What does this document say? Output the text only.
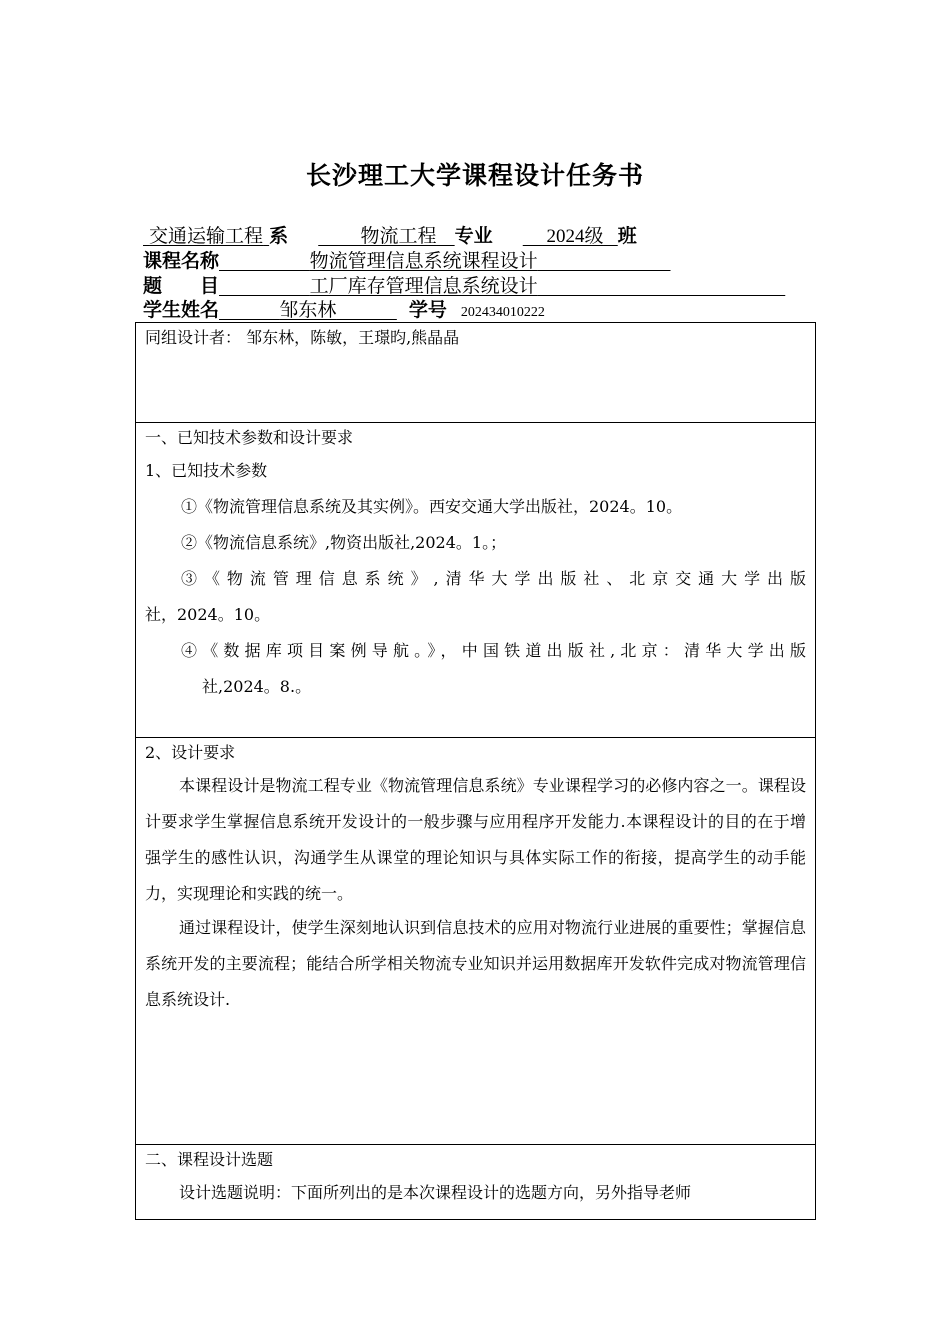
长沙理工大学课程设计任务书
交通运输工程 系	物流工程 专业	2024级 班
课程名称	物流管理信息系统课程设计
题　　目	工厂库存管理信息系统设计
学生姓名	邹东林	学号 202434010222

同组设计者： 邹东林，陈敏，王璟昀,熊晶晶

一、已知技术参数和设计要求

1、已知技术参数

①《物流管理信息系统及其实例》。西安交通大学出版社，2024。10。

②《物流信息系统》,物资出版社,2024。1。；

③《物流管理信息系统》,清华大学出版社、北京交通大学出版

社，2024。10。

④《数据库项目案例导航。》，中国铁道出版社,北京：清华大学出版

社,2024。8.。

2、设计要求

本课程设计是物流工程专业《物流管理信息系统》专业课程学习的必修内容之一。课程设计要求学生掌握信息系统开发设计的一般步骤与应用程序开发能力.本课程设计的目的在于增强学生的感性认识，沟通学生从课堂的理论知识与具体实际工作的衔接，提高学生的动手能力，实现理论和实践的统一。

通过课程设计，使学生深刻地认识到信息技术的应用对物流行业进展的重要性；掌握信息系统开发的主要流程；能结合所学相关物流专业知识并运用数据库开发软件完成对物流管理信息系统设计.

二、课程设计选题

设计选题说明：下面所列出的是本次课程设计的选题方向，另外指导老师
